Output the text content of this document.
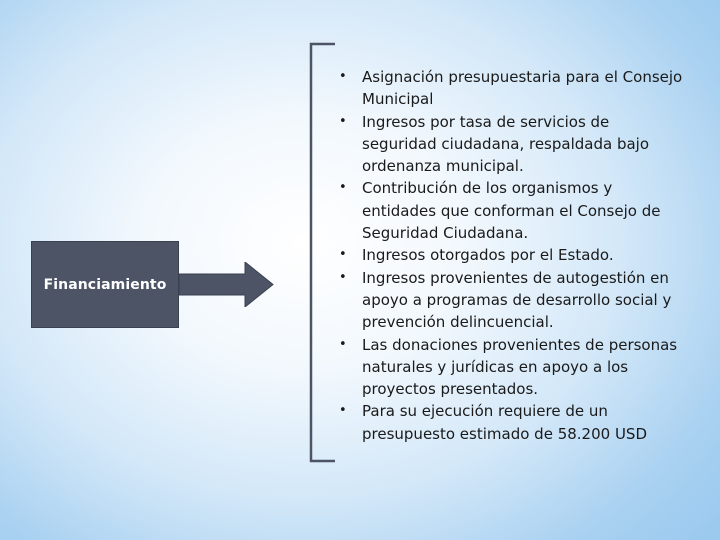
Financiamiento
• Asignación presupuestaria para el Consejo Municipal
• Ingresos por tasa de servicios de seguridad ciudadana, respaldada bajo ordenanza municipal.
• Contribución de los organismos y entidades que conforman el Consejo de Seguridad Ciudadana.
• Ingresos otorgados por el Estado.
• Ingresos provenientes de autogestión en apoyo a programas de desarrollo social y prevención delincuencial.
• Las donaciones provenientes de personas naturales y jurídicas en apoyo a los proyectos presentados.
• Para su ejecución requiere de un presupuesto estimado de 58.200 USD
